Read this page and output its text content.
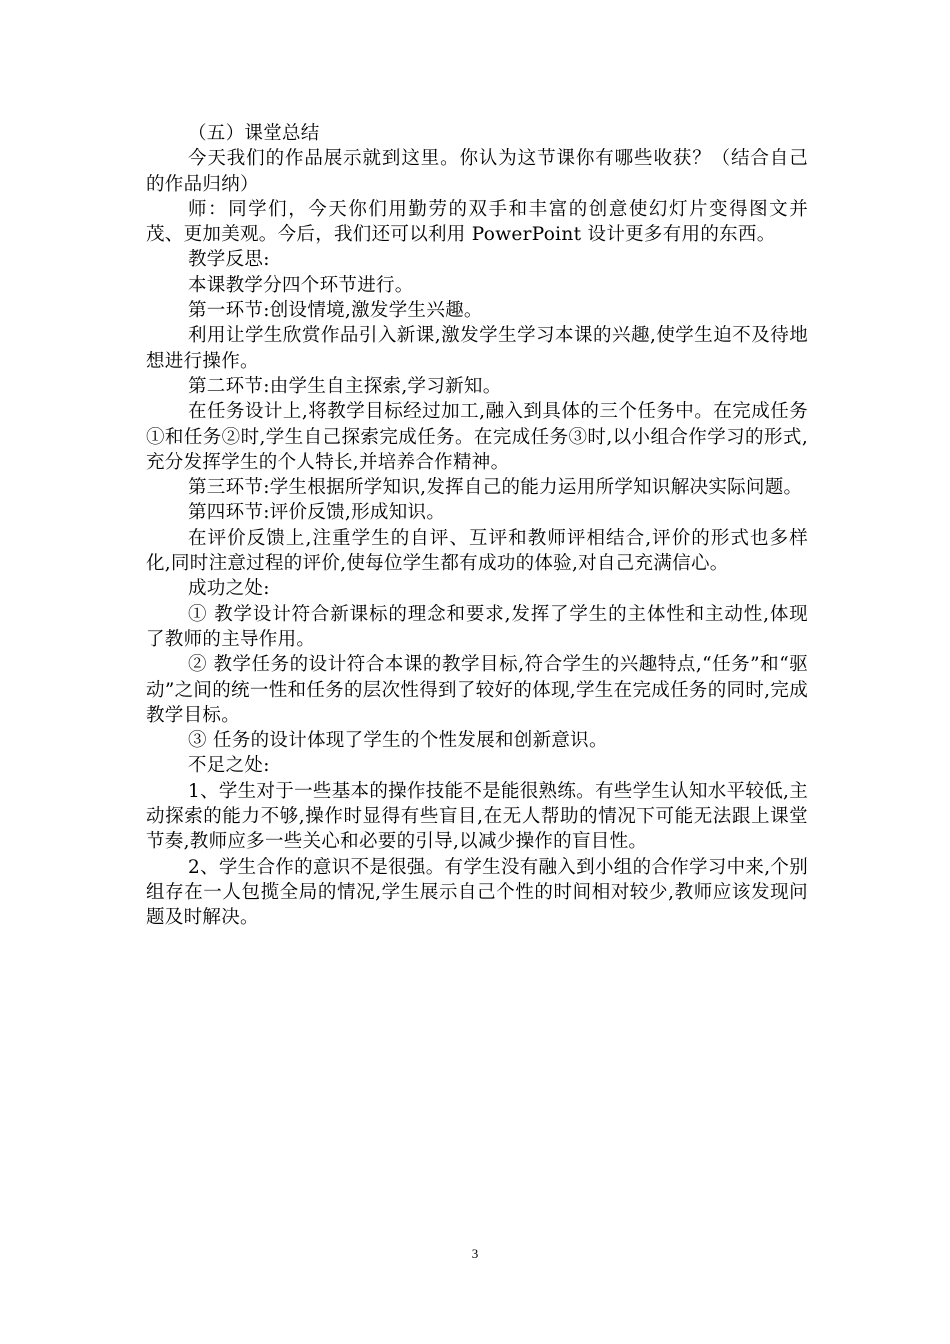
（五）课堂总结

今天我们的作品展示就到这里。你认为这节课你有哪些收获？（结合自己的作品归纳）

师：同学们，今天你们用勤劳的双手和丰富的创意使幻灯片变得图文并茂、更加美观。今后，我们还可以利用 PowerPoint 设计更多有用的东西。

教学反思:

本课教学分四个环节进行。

第一环节:创设情境,激发学生兴趣。

利用让学生欣赏作品引入新课,激发学生学习本课的兴趣,使学生迫不及待地想进行操作。

第二环节:由学生自主探索,学习新知。

在任务设计上,将教学目标经过加工,融入到具体的三个任务中。在完成任务①和任务②时,学生自己探索完成任务。在完成任务③时,以小组合作学习的形式,充分发挥学生的个人特长,并培养合作精神。

第三环节:学生根据所学知识,发挥自己的能力运用所学知识解决实际问题。

第四环节:评价反馈,形成知识。

在评价反馈上,注重学生的自评、互评和教师评相结合,评价的形式也多样化,同时注意过程的评价,使每位学生都有成功的体验,对自己充满信心。

成功之处:

① 教学设计符合新课标的理念和要求,发挥了学生的主体性和主动性,体现了教师的主导作用。

② 教学任务的设计符合本课的教学目标,符合学生的兴趣特点,“任务”和“驱动”之间的统一性和任务的层次性得到了较好的体现,学生在完成任务的同时,完成教学目标。

③ 任务的设计体现了学生的个性发展和创新意识。

不足之处:

1、学生对于一些基本的操作技能不是能很熟练。有些学生认知水平较低,主动探索的能力不够,操作时显得有些盲目,在无人帮助的情况下可能无法跟上课堂节奏,教师应多一些关心和必要的引导,以减少操作的盲目性。

2、学生合作的意识不是很强。有学生没有融入到小组的合作学习中来,个别组存在一人包揽全局的情况,学生展示自己个性的时间相对较少,教师应该发现问题及时解决。

3
